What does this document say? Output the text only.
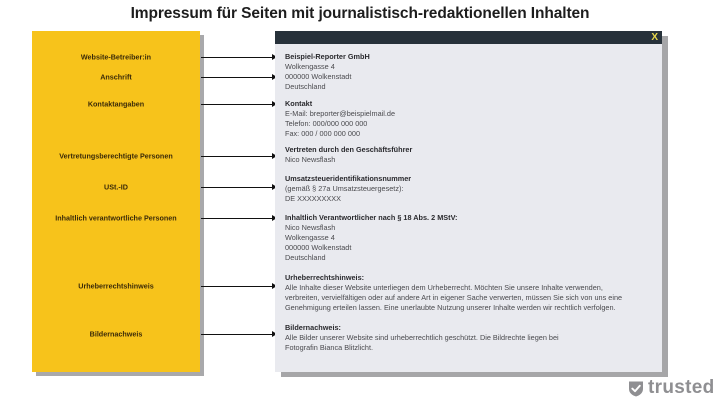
Impressum für Seiten mit journalistisch-redaktionellen Inhalten
Website-Betreiber:in
Anschrift
Kontaktangaben
Vertretungsberechtigte Personen
USt.-ID
Inhaltlich verantwortliche Personen
Urheberrechtshinweis
Bildernachweis
X
Beispiel-Reporter GmbH
Wolkengasse 4
000000 Wolkenstadt
Deutschland
Kontakt
E-Mail: breporter@beispielmail.de
Telefon: 000/000 000 000
Fax: 000 / 000 000 000
Vertreten durch den Geschäftsführer
Nico Newsflash
Umsatzsteueridentifikationsnummer
(gemäß § 27a Umsatzsteuergesetz):
DE XXXXXXXXX
Inhaltlich Verantwortlicher nach § 18 Abs. 2 MStV:
Nico Newsflash
Wolkengasse 4
000000 Wolkenstadt
Deutschland
Urheberrechtshinweis:
Alle Inhalte dieser Website unterliegen dem Urheberrecht. Möchten Sie unsere Inhalte verwenden,
verbreiten, vervielfältigen oder auf andere Art in eigener Sache verwerten, müssen Sie sich von uns eine
Genehmigung erteilen lassen. Eine unerlaubte Nutzung unserer Inhalte werden wir rechtlich verfolgen.
Bildernachweis:
Alle Bilder unserer Website sind urheberrechtlich geschützt. Die Bildrechte liegen bei
Fotografin Bianca Blitzlicht.
trusted
